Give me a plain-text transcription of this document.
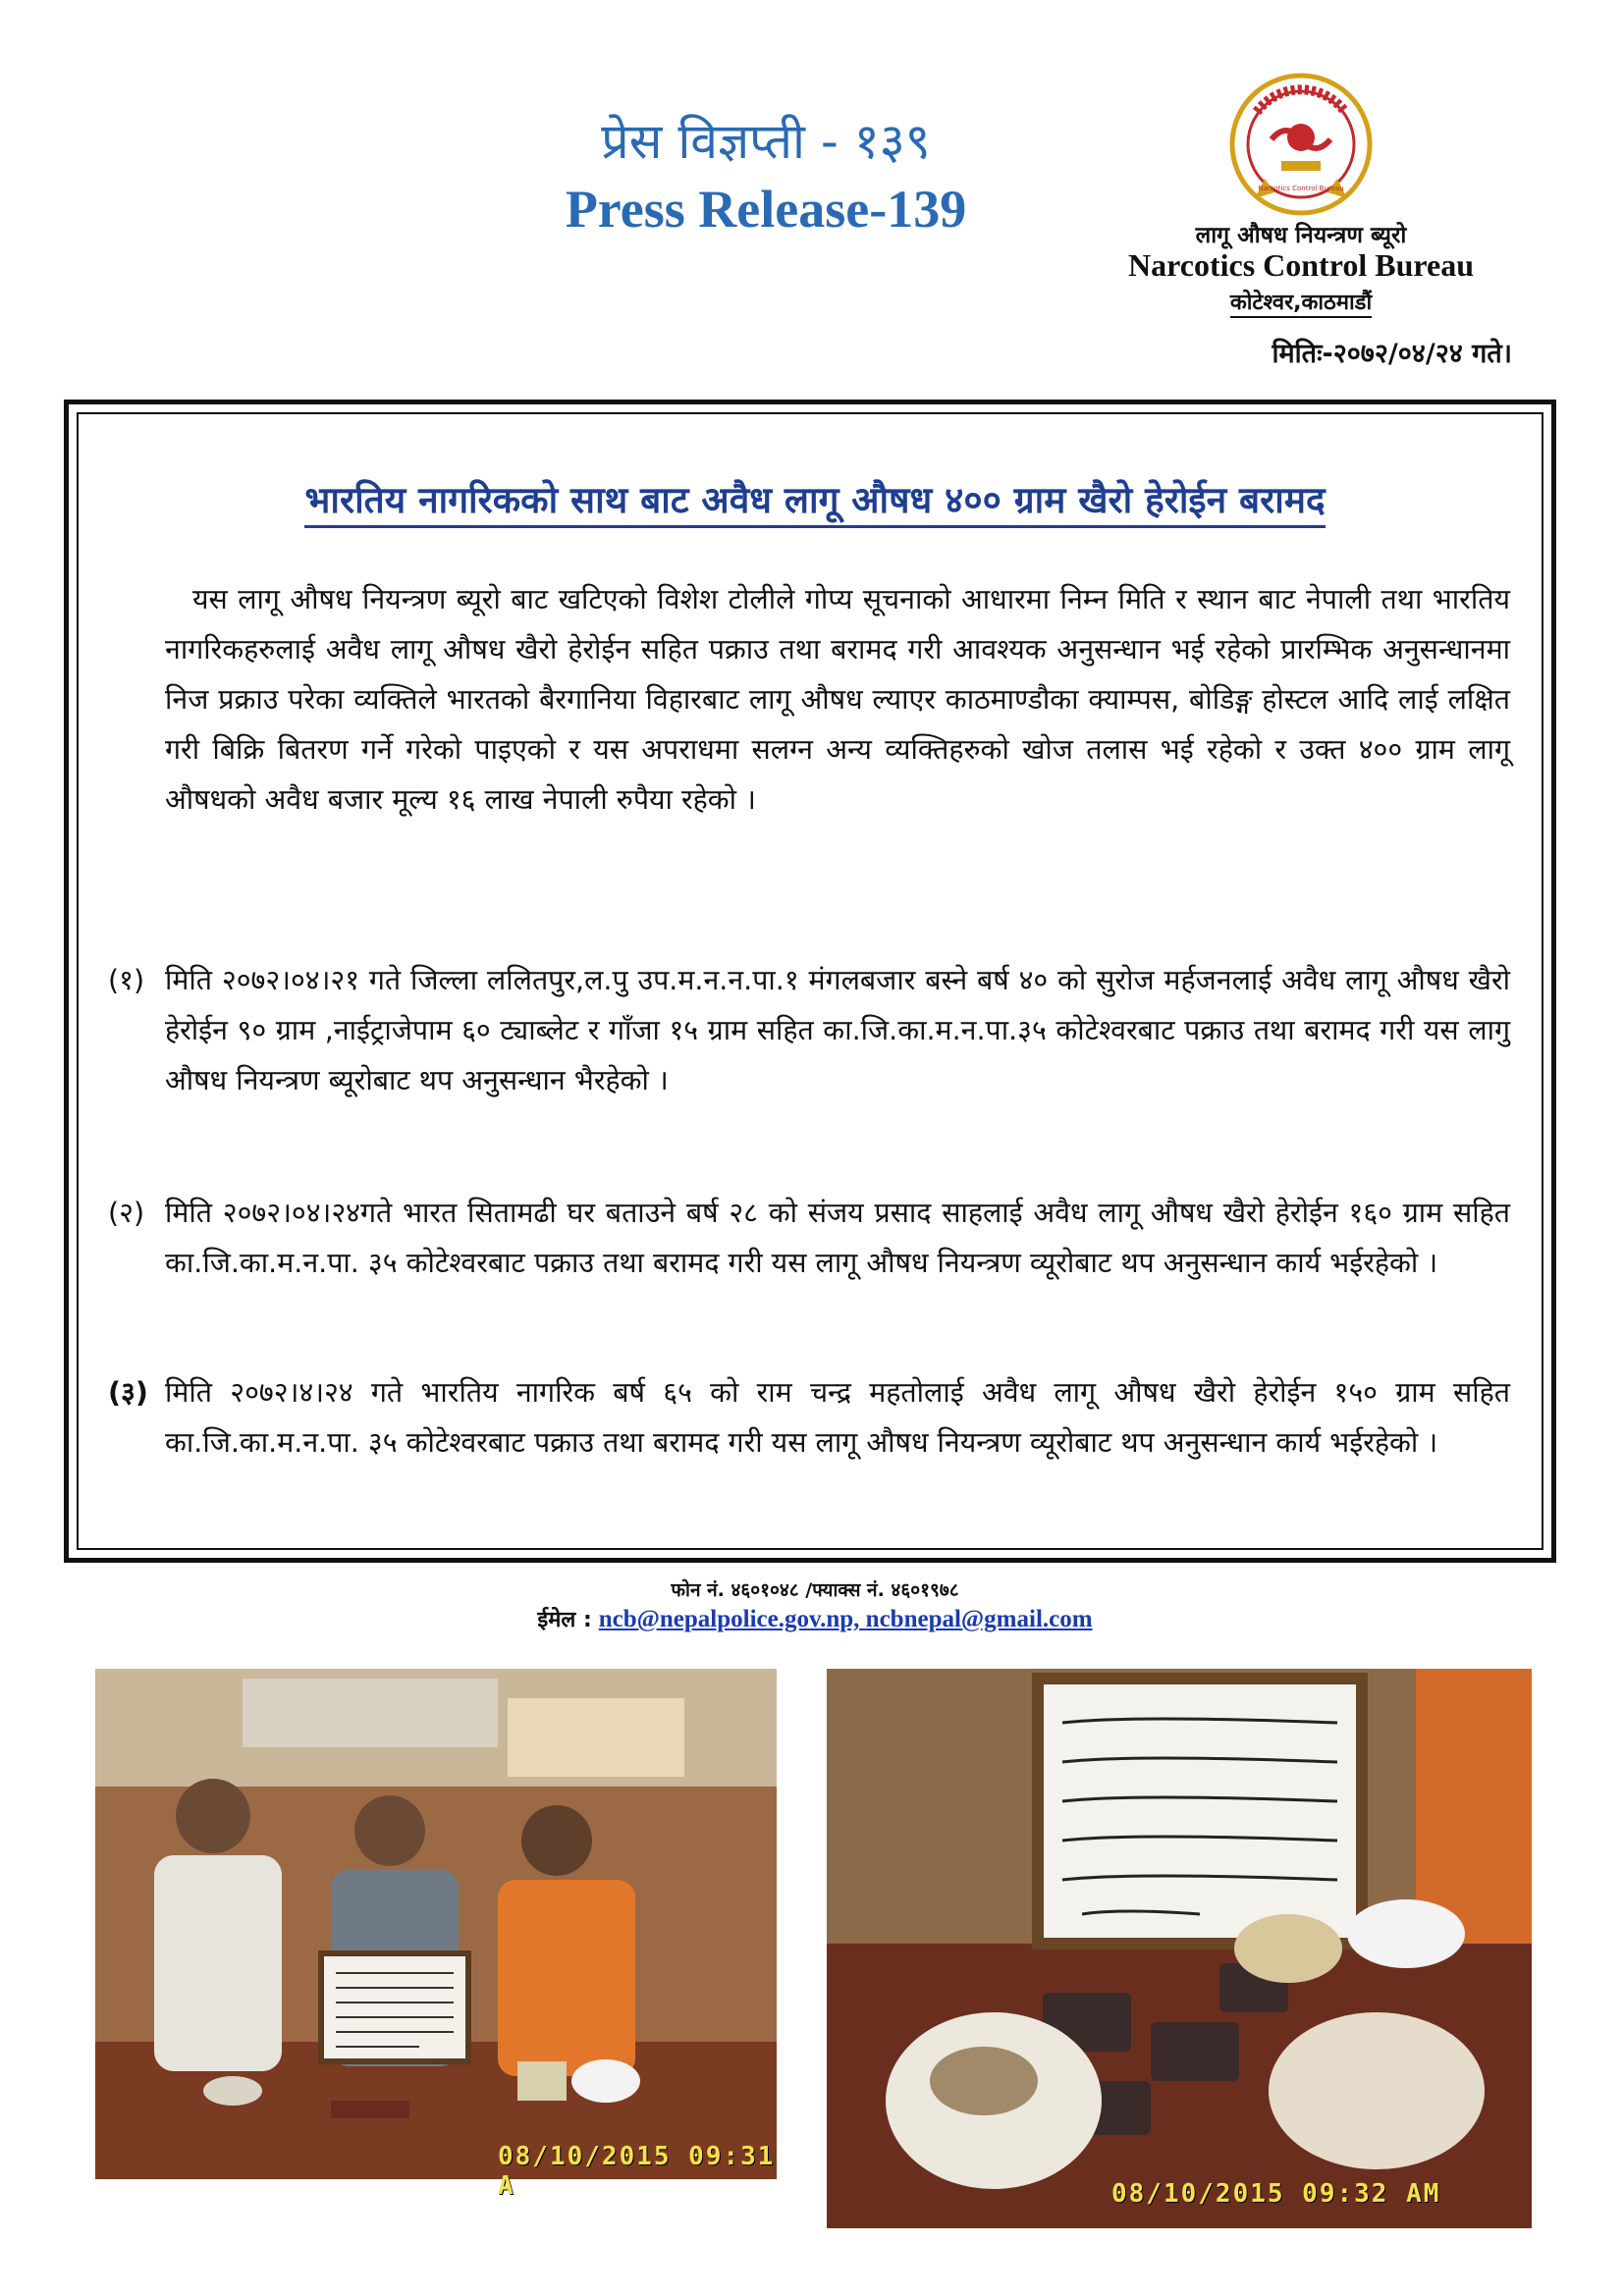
प्रेस विज्ञप्ती - १३९
Press Release-139	Narcotics Control Bureau
लागू औषध नियन्त्रण ब्यूरो
Narcotics Control Bureau
कोटेश्वर,काठमाडौं
मितिः-२०७२/०४/२४ गते।
भारतिय नागरिकको साथ बाट अवैध लागू औषध ४०० ग्राम खैरो हेरोईन बरामद
यस लागू औषध नियन्त्रण ब्यूरो बाट खटिएको विशेश टोलीले गोप्य सूचनाको आधारमा निम्न मिति र स्थान बाट नेपाली तथा भारतिय नागरिकहरुलाई अवैध लागू औषध खैरो हेरोईन सहित पक्राउ तथा बरामद गरी आवश्यक अनुसन्धान भई रहेको प्रारम्भिक अनुसन्धानमा निज प्रक्राउ परेका व्यक्तिले भारतको बैरगानिया विहारबाट लागू औषध ल्याएर काठमाण्डौका क्याम्पस, बोडिङ्ग होस्टल आदि लाई लक्षित गरी बिक्रि बितरण गर्ने गरेको पाइएको र यस अपराधमा सलग्न अन्य व्यक्तिहरुको खोज तलास भई रहेको र उक्त ४०० ग्राम लागू औषधको अवैध बजार मूल्य १६ लाख नेपाली रुपैया रहेको ।
(१) मिति २०७२।०४।२१ गते जिल्ला ललितपुर,ल.पु उप.म.न.न.पा.१ मंगलबजार बस्ने बर्ष ४० को सुरोज मर्हजनलाई अवैध लागू औषध खैरो हेरोईन ९० ग्राम ,नाईट्राजेपाम ६० ट्याब्लेट र गाँजा १५ ग्राम सहित का.जि.का.म.न.पा.३५ कोटेश्वरबाट पक्राउ तथा बरामद गरी यस लागु औषध नियन्त्रण ब्यूरोबाट थप अनुसन्धान भैरहेको ।
(२) मिति २०७२।०४।२४गते भारत सितामढी घर बताउने बर्ष २८ को संजय प्रसाद साहलाई अवैध लागू औषध खैरो हेरोईन १६० ग्राम सहित का.जि.का.म.न.पा. ३५ कोटेश्वरबाट पक्राउ तथा बरामद गरी यस लागू औषध नियन्त्रण व्यूरोबाट थप अनुसन्धान कार्य भईरहेको ।
(३) मिति २०७२।४।२४ गते भारतिय नागरिक बर्ष ६५ को राम चन्द्र महतोलाई अवैध लागू औषध खैरो हेरोईन १५० ग्राम सहित का.जि.का.म.न.पा. ३५ कोटेश्वरबाट पक्राउ तथा बरामद गरी यस लागू औषध नियन्त्रण व्यूरोबाट थप अनुसन्धान कार्य भईरहेको ।
फोन नं. ४६०१०४८ /फ्याक्स नं. ४६०१९७८
ईमेल : ncb@nepalpolice.gov.np, ncbnepal@gmail.com
08/10/2015 09:31 A	08/10/2015 09:32 AM
